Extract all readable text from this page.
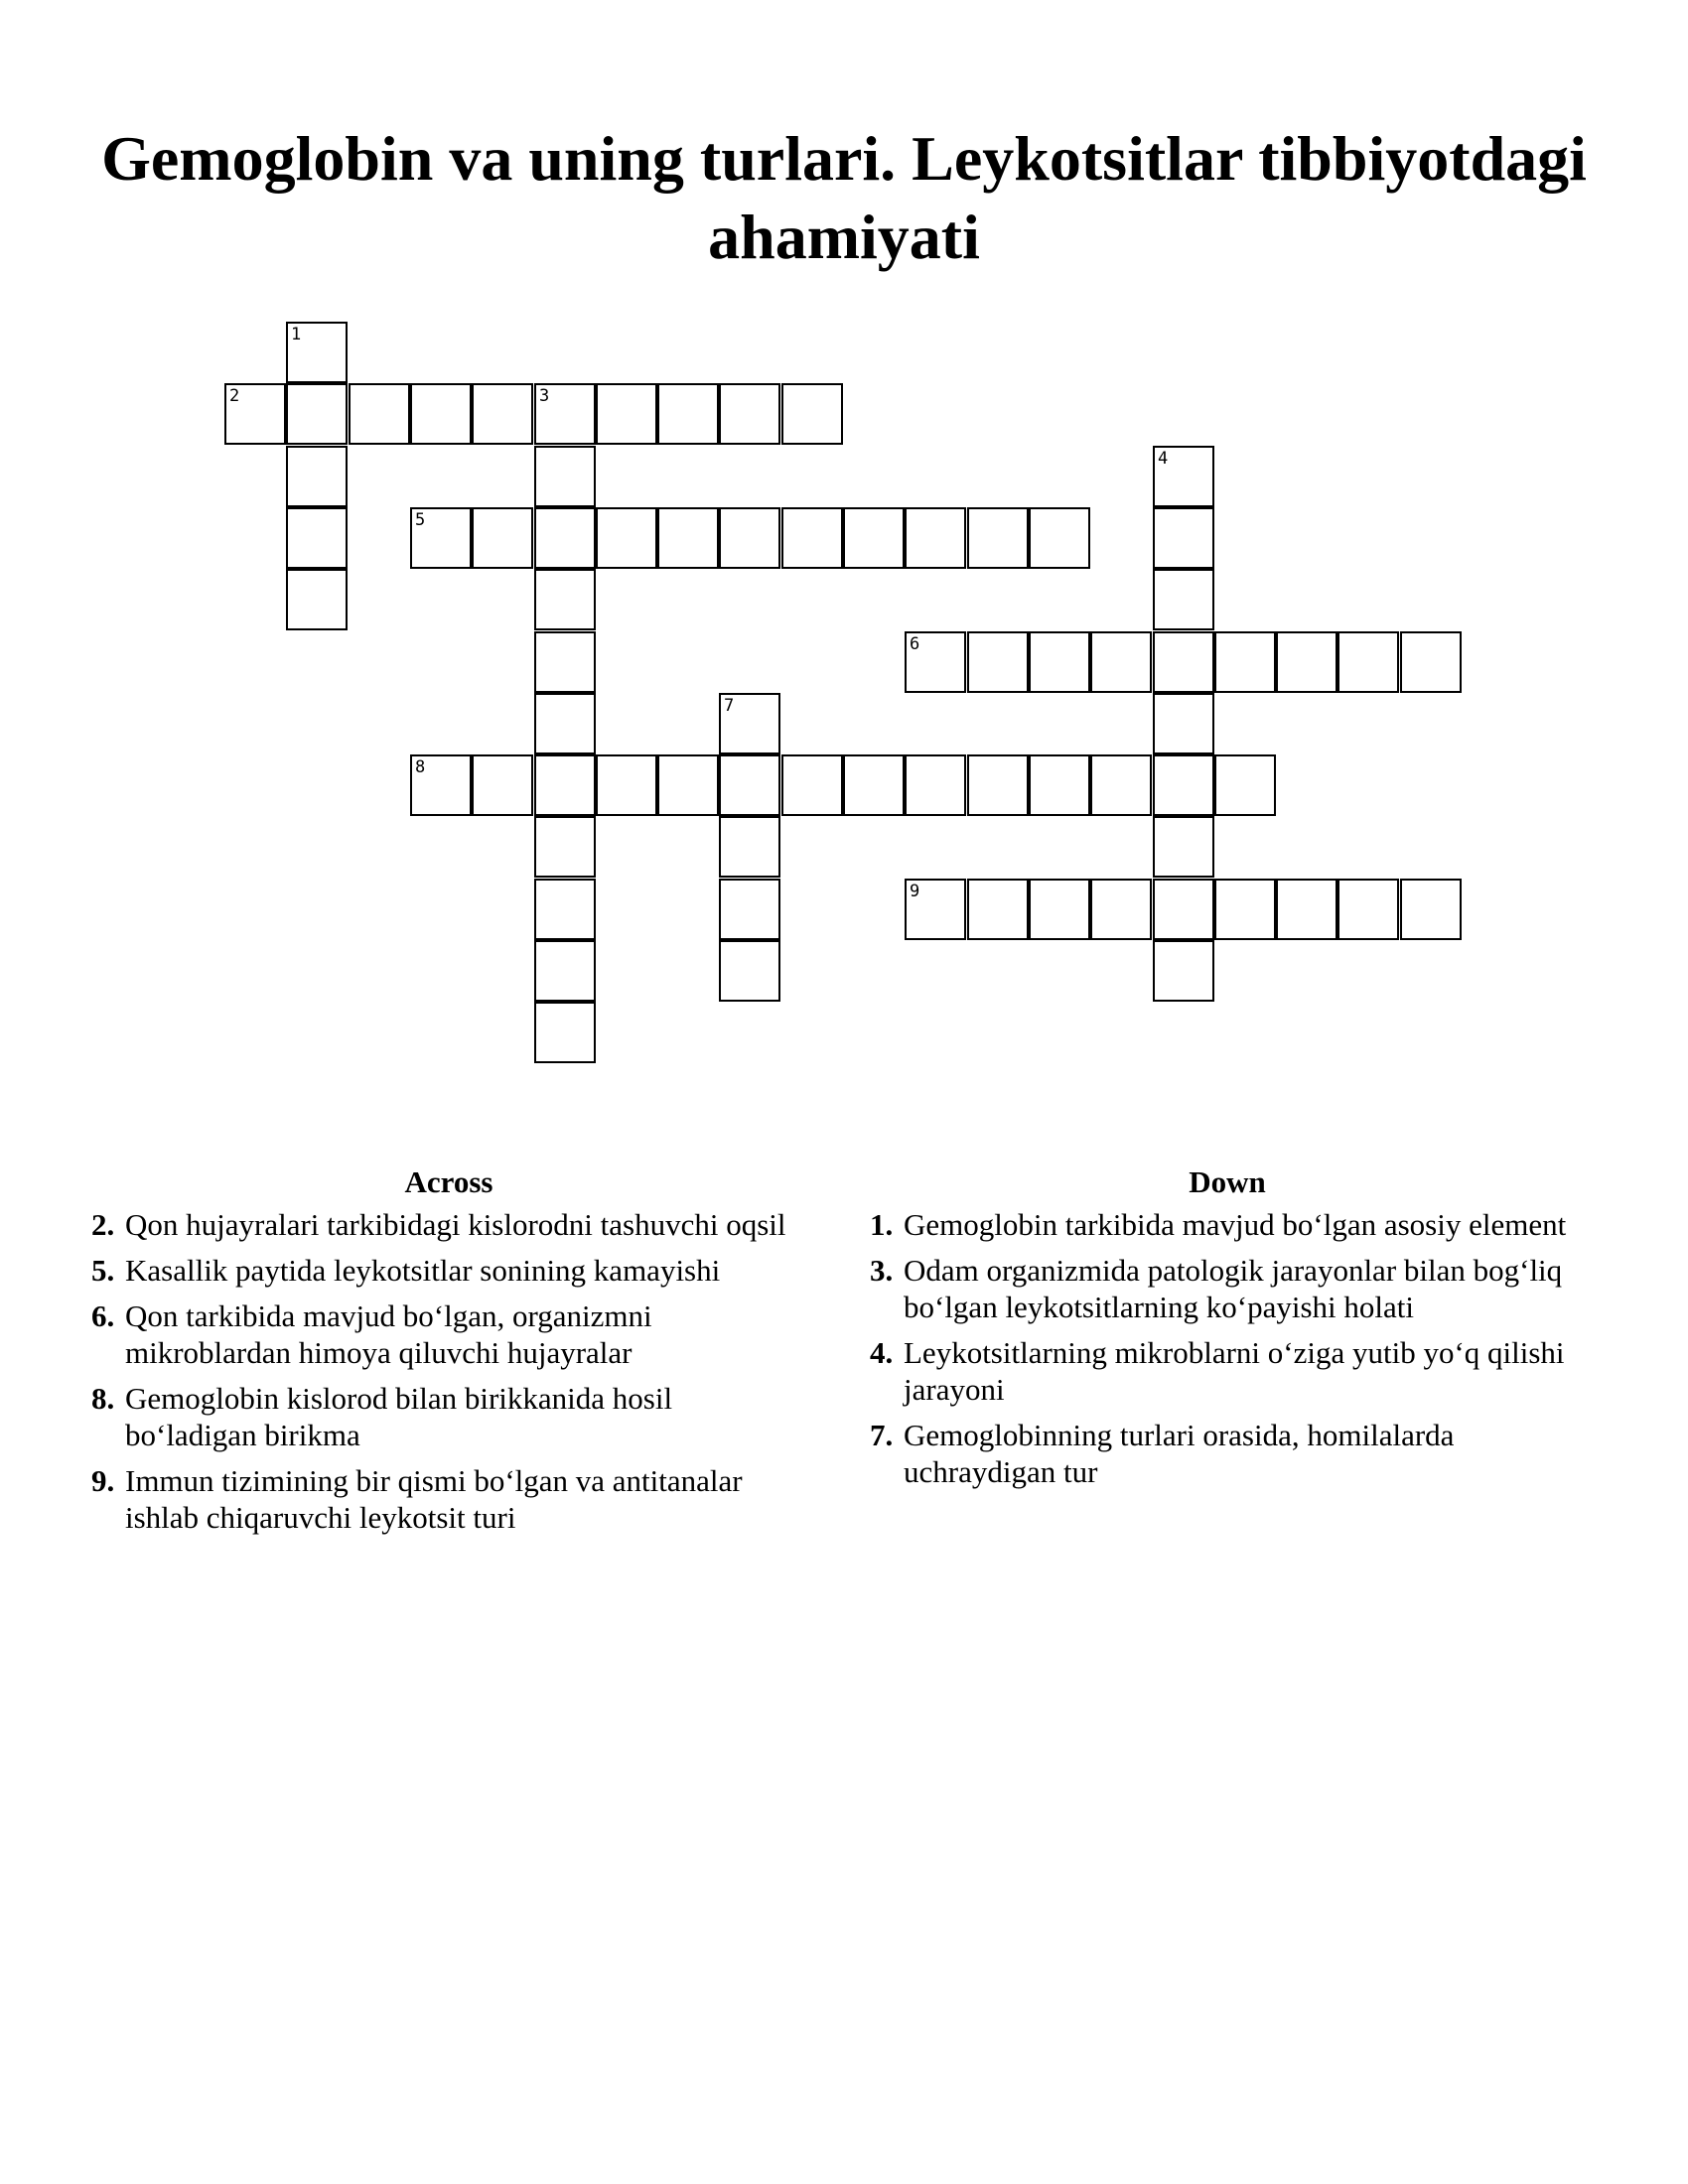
Gemoglobin va uning turlari. Leykotsitlar tibbiyotdagi ahamiyati
1
2	3
4
5
6
7
8
9
Across
2. Qon hujayralari tarkibidagi kislorodni tashuvchi oqsil
5. Kasallik paytida leykotsitlar sonining kamayishi
6. Qon tarkibida mavjud bo‘lgan, organizmni mikroblardan himoya qiluvchi hujayralar
8. Gemoglobin kislorod bilan birikkanida hosil bo‘ladigan birikma
9. Immun tizimining bir qismi bo‘lgan va antitanalar ishlab chiqaruvchi leykotsit turi
Down
1. Gemoglobin tarkibida mavjud bo‘lgan asosiy element
3. Odam organizmida patologik jarayonlar bilan bog‘liq bo‘lgan leykotsitlarning ko‘payishi holati
4. Leykotsitlarning mikroblarni o‘ziga yutib yo‘q qilishi jarayoni
7. Gemoglobinning turlari orasida, homilalarda uchraydigan tur
